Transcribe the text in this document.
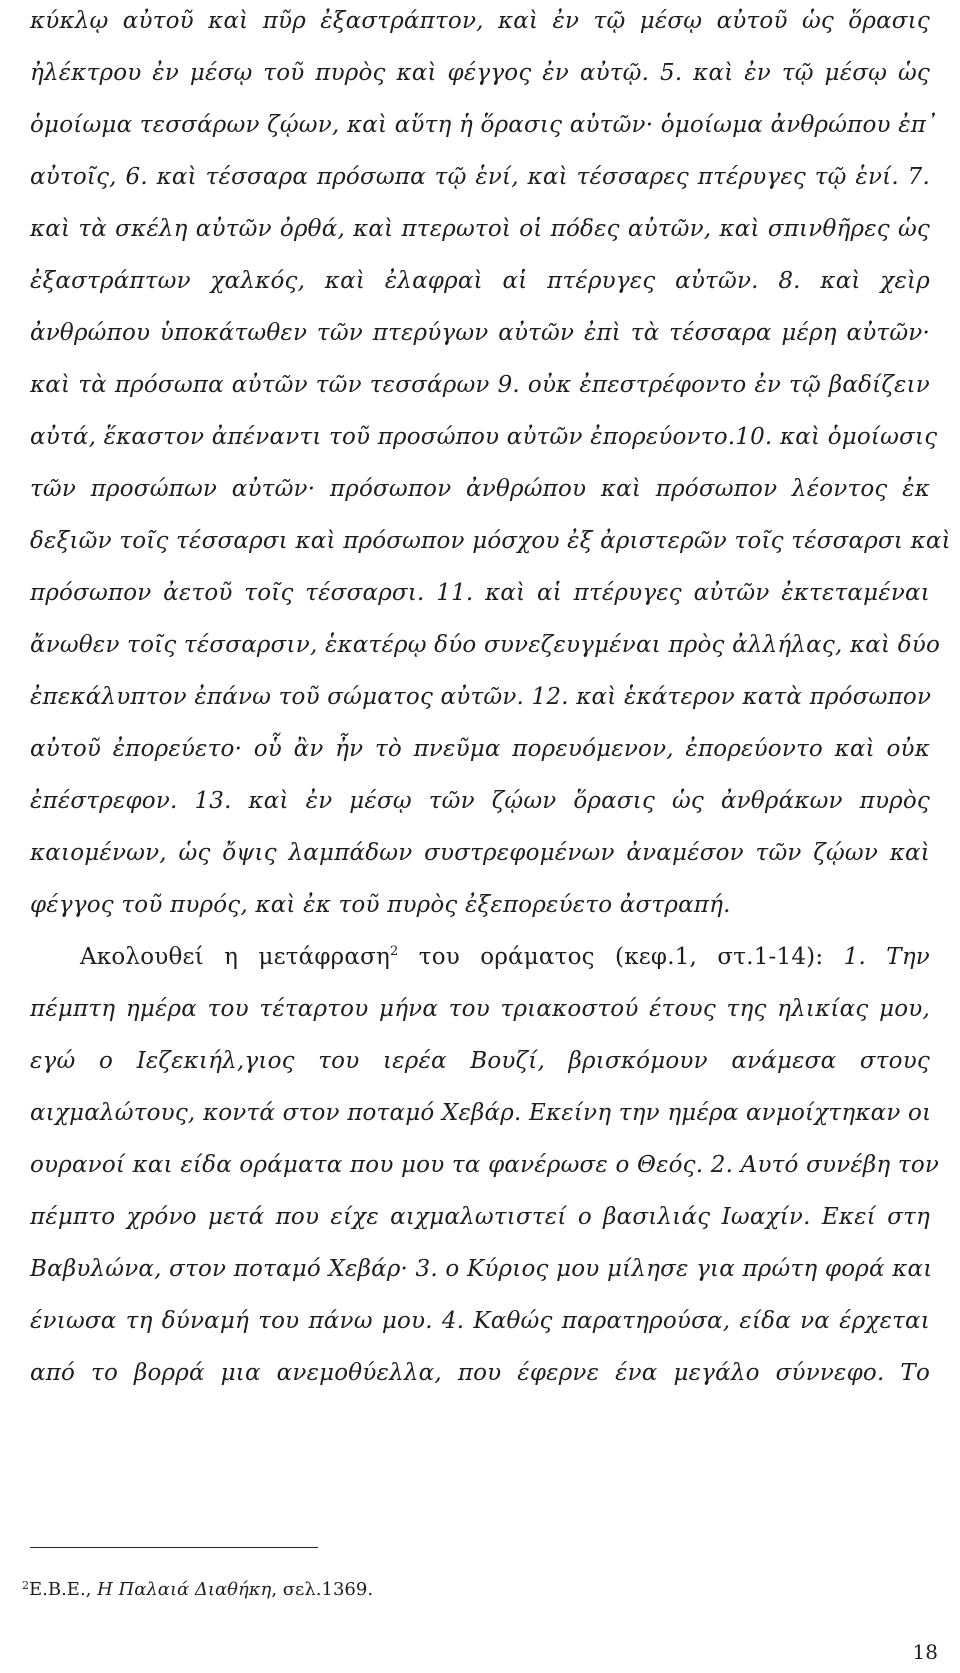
κύκλῳ αὐτοῦ καὶ πῦρ ἐξαστράπτον, καὶ ἐν τῷ μέσῳ αὐτοῦ ὡς ὅρασις
ἠλέκτρου ἐν μέσῳ τοῦ πυρὸς καὶ φέγγος ἐν αὐτῷ. 5. καὶ ἐν τῷ μέσῳ ὡς
ὁμοίωμα τεσσάρων ζῴων, καὶ αὕτη ἡ ὅρασις αὐτῶν· ὁμοίωμα ἀνθρώπου ἐπ᾽
αὐτοῖς, 6. καὶ τέσσαρα πρόσωπα τῷ ἑνί, καὶ τέσσαρες πτέρυγες τῷ ἑνί. 7.
καὶ τὰ σκέλη αὐτῶν ὀρθά, καὶ πτερωτοὶ οἱ πόδες αὐτῶν, καὶ σπινθῆρες ὡς
ἐξαστράπτων χαλκός, καὶ ἐλαφραὶ αἱ πτέρυγες αὐτῶν. 8. καὶ χεὶρ
ἀνθρώπου ὑποκάτωθεν τῶν πτερύγων αὐτῶν ἐπὶ τὰ τέσσαρα μέρη αὐτῶν·
καὶ τὰ πρόσωπα αὐτῶν τῶν τεσσάρων 9. οὐκ ἐπεστρέφοντο ἐν τῷ βαδίζειν
αὐτά, ἕκαστον ἀπέναντι τοῦ προσώπου αὐτῶν ἐπορεύοντο.10. καὶ ὁμοίωσις
τῶν προσώπων αὐτῶν· πρόσωπον ἀνθρώπου καὶ πρόσωπον λέοντος ἐκ
δεξιῶν τοῖς τέσσαρσι καὶ πρόσωπον μόσχου ἐξ ἀριστερῶν τοῖς τέσσαρσι καὶ
πρόσωπον ἀετοῦ τοῖς τέσσαρσι. 11. καὶ αἱ πτέρυγες αὐτῶν ἐκτεταμέναι
ἄνωθεν τοῖς τέσσαρσιν, ἑκατέρῳ δύο συνεζευγμέναι πρὸς ἀλλήλας, καὶ δύο
ἐπεκάλυπτον ἐπάνω τοῦ σώματος αὐτῶν. 12. καὶ ἑκάτερον κατὰ πρόσωπον
αὐτοῦ ἐπορεύετο· οὗ ἂν ἦν τὸ πνεῦμα πορευόμενον, ἐπορεύοντο καὶ οὐκ
ἐπέστρεφον. 13. καὶ ἐν μέσῳ τῶν ζῴων ὅρασις ὡς ἀνθράκων πυρὸς
καιομένων, ὡς ὄψις λαμπάδων συστρεφομένων ἀναμέσον τῶν ζῴων καὶ
φέγγος τοῦ πυρός, καὶ ἐκ τοῦ πυρὸς ἐξεπορεύετο ἀστραπή.
Ακολουθεί η μετάφραση$^2$ του οράματος (κεφ.1, στ.1-14): 1. Την
πέμπτη ημέρα του τέταρτου μήνα του τριακοστού έτους της ηλικίας μου,
εγώ ο Ιεζεκιήλ,γιος του ιερέα Βουζί, βρισκόμουν ανάμεσα στους
αιχμαλώτους, κοντά στον ποταμό Χεβάρ. Εκείνη την ημέρα ανμοίχτηκαν οι
ουρανοί και είδα οράματα που μου τα φανέρωσε ο Θεός. 2. Αυτό συνέβη τον
πέμπτο χρόνο μετά που είχε αιχμαλωτιστεί ο βασιλιάς Ιωαχίν. Εκεί στη
Βαβυλώνα, στον ποταμό Χεβάρ· 3. ο Κύριος μου μίλησε για πρώτη φορά και
ένιωσα τη δύναμή του πάνω μου. 4. Καθώς παρατηρούσα, είδα να έρχεται
από το βορρά μια ανεμοθύελλα, που έφερνε ένα μεγάλο σύννεφο. Το
$^2$Ε.Β.Ε., Η Παλαιά Διαθήκη, σελ.1369.
18
